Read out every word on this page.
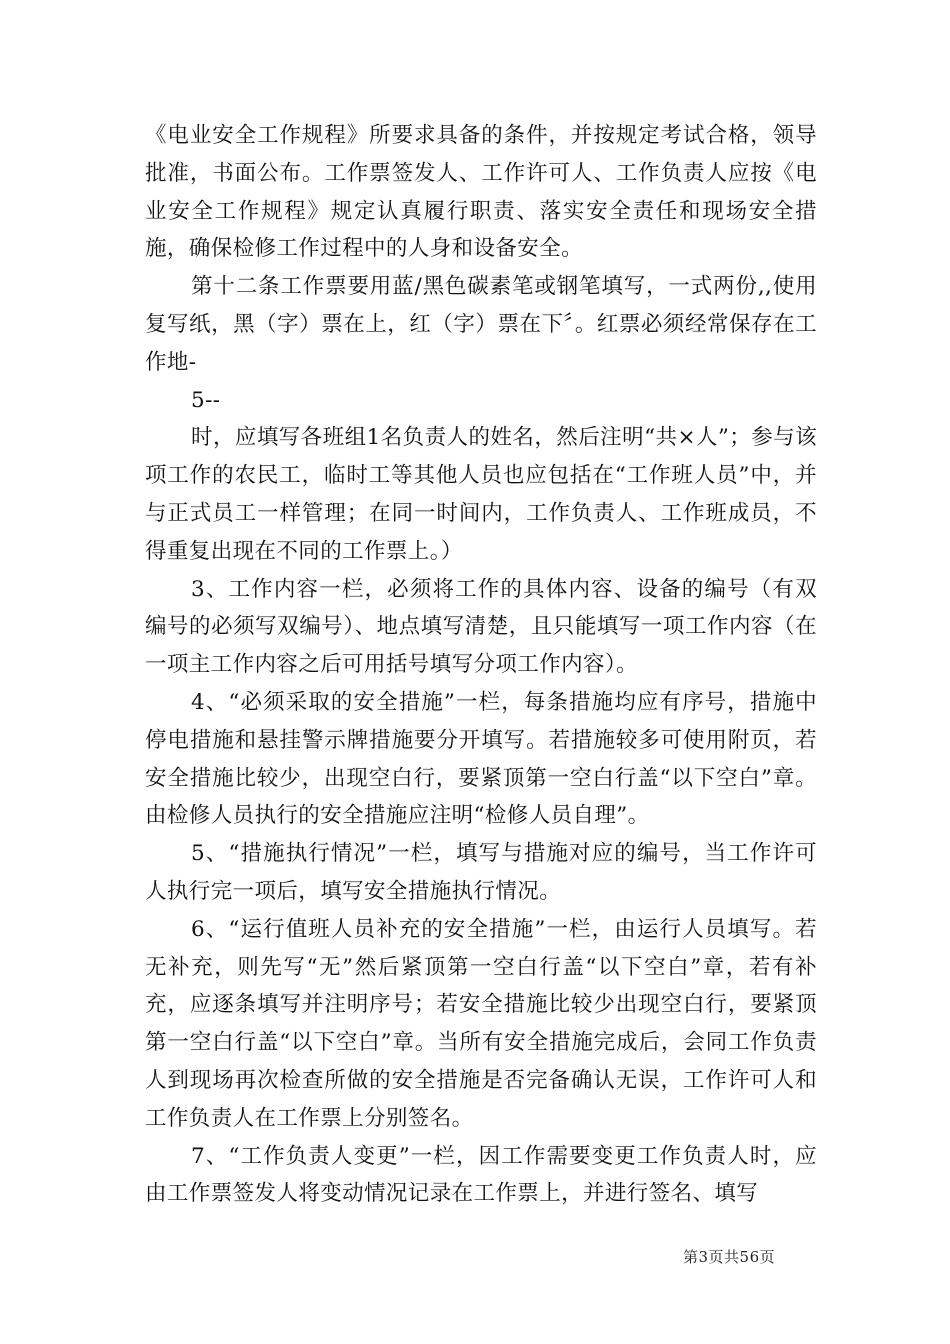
《电业安全工作规程》所要求具备的条件，并按规定考试合格，领导批准，书面公布。工作票签发人、工作许可人、工作负责人应按《电业安全工作规程》规定认真履行职责、落实安全责任和现场安全措施，确保检修工作过程中的人身和设备安全。

第十二条工作票要用蓝/黑色碳素笔或钢笔填写，一式两份,,使用复写纸，黑（字）票在上，红（字）票在下〞。红票必须经常保存在工作地-

5--

时，应填写各班组1名负责人的姓名，然后注明“共×人”；参与该项工作的农民工，临时工等其他人员也应包括在“工作班人员”中，并与正式员工一样管理；在同一时间内，工作负责人、工作班成员，不得重复出现在不同的工作票上。）

3、工作内容一栏，必须将工作的具体内容、设备的编号（有双编号的必须写双编号）、地点填写清楚，且只能填写一项工作内容（在一项主工作内容之后可用括号填写分项工作内容）。

4、“必须采取的安全措施”一栏，每条措施均应有序号，措施中停电措施和悬挂警示牌措施要分开填写。若措施较多可使用附页，若安全措施比较少，出现空白行，要紧顶第一空白行盖“以下空白”章。由检修人员执行的安全措施应注明“检修人员自理”。

5、“措施执行情况”一栏，填写与措施对应的编号，当工作许可人执行完一项后，填写安全措施执行情况。

6、“运行值班人员补充的安全措施”一栏，由运行人员填写。若无补充，则先写“无”然后紧顶第一空白行盖“以下空白”章，若有补充，应逐条填写并注明序号；若安全措施比较少出现空白行，要紧顶第一空白行盖“以下空白”章。当所有安全措施完成后，会同工作负责人到现场再次检查所做的安全措施是否完备确认无误，工作许可人和工作负责人在工作票上分别签名。

7、“工作负责人变更”一栏，因工作需要变更工作负责人时，应由工作票签发人将变动情况记录在工作票上，并进行签名、填写

第3页共56页
